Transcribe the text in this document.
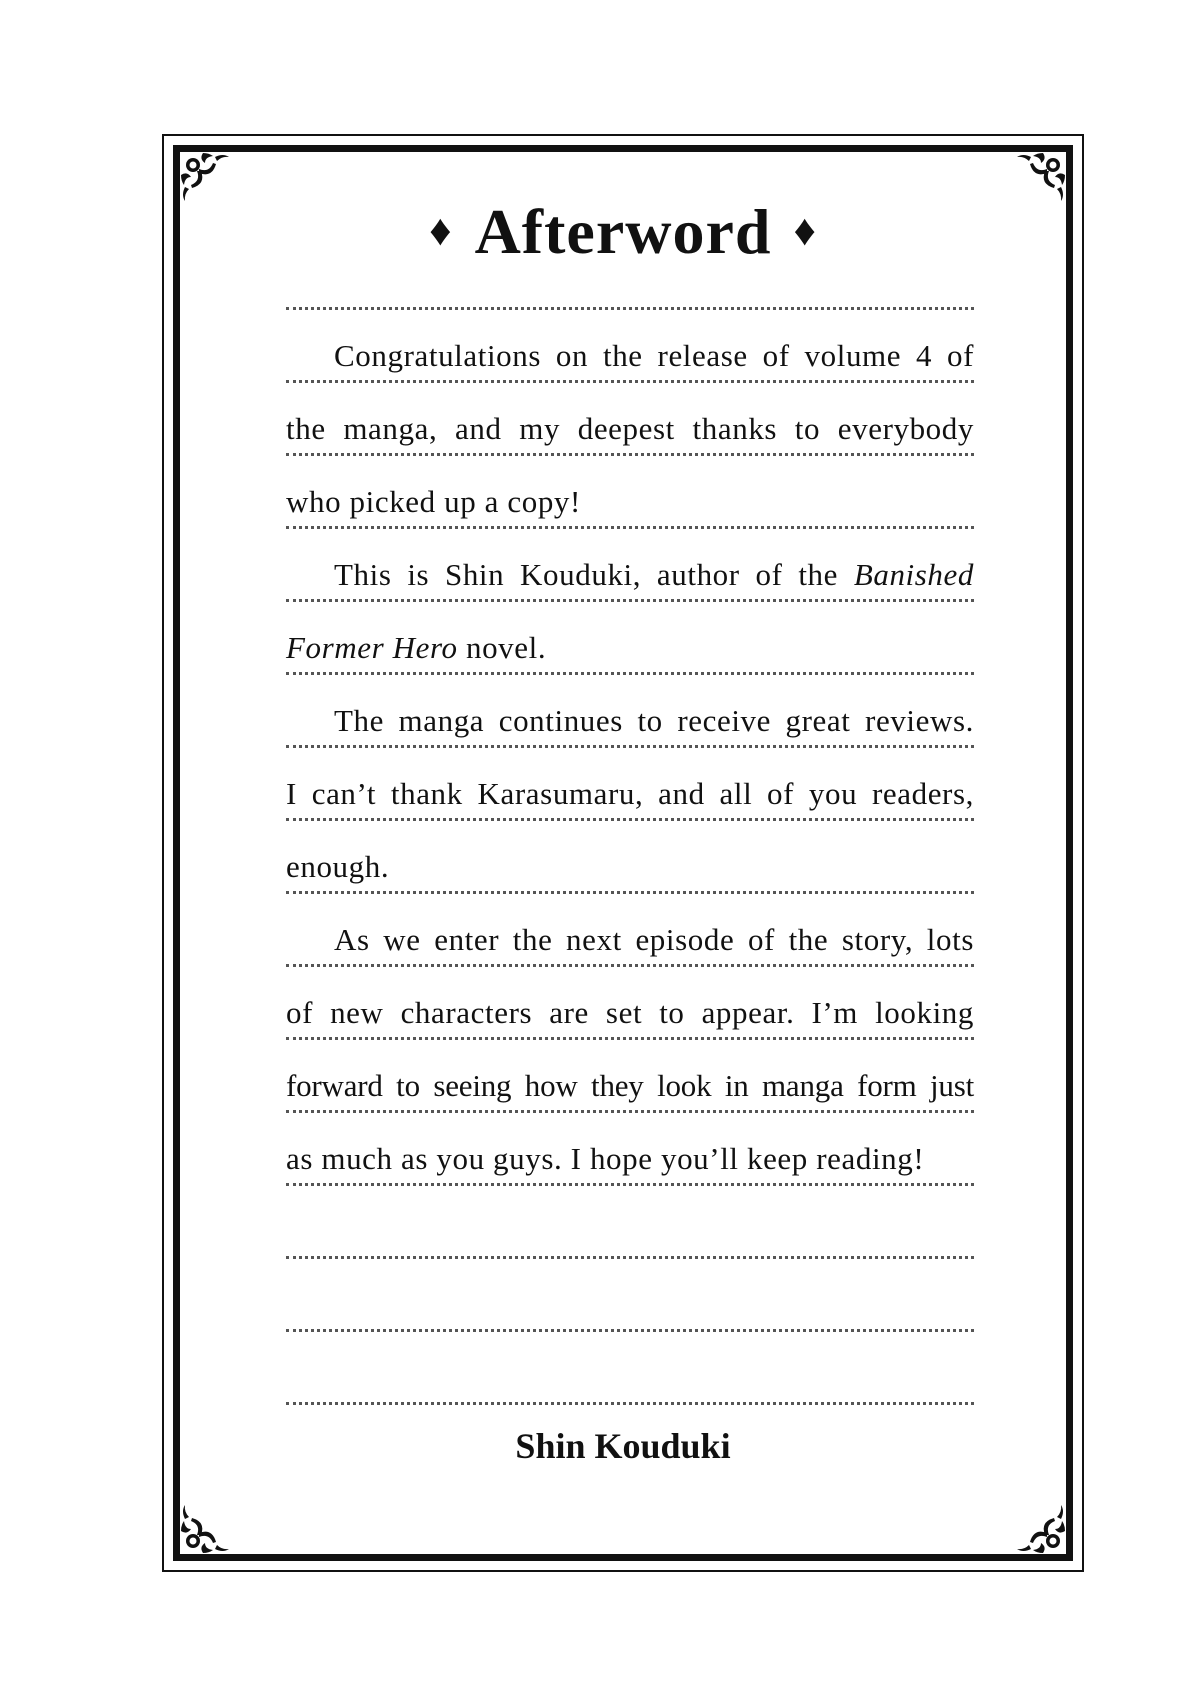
♦ Afterword ♦
Congratulations on the release of volume 4 of
the manga, and my deepest thanks to everybody
who picked up a copy!
This is Shin Kouduki, author of the Banished
Former Hero novel.
The manga continues to receive great reviews.
I can’t thank Karasumaru, and all of you readers,
enough.
As we enter the next episode of the story, lots
of new characters are set to appear. I’m looking
forward to seeing how they look in manga form just
as much as you guys. I hope you’ll keep reading!
Shin Kouduki
